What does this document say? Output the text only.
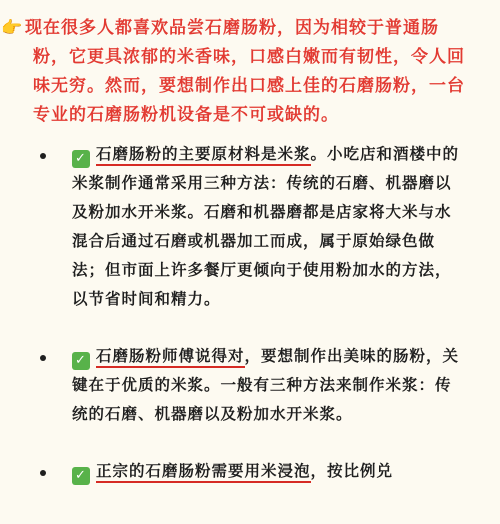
👉 现在很多人都喜欢品尝石磨肠粉，因为相较于普通肠粉，它更具浓郁的米香味，口感白嫩而有韧性，令人回味无穷。然而，要想制作出口感上佳的石磨肠粉，一台专业的石磨肠粉机设备是不可或缺的。
✓ 石磨肠粉的主要原材料是米浆。小吃店和酒楼中的米浆制作通常采用三种方法：传统的石磨、机器磨以及粉加水开米浆。石磨和机器磨都是店家将大米与水混合后通过石磨或机器加工而成，属于原始绿色做法；但市面上许多餐厅更倾向于使用粉加水的方法，以节省时间和精力。
✓ 石磨肠粉师傅说得对，要想制作出美味的肠粉，关键在于优质的米浆。一般有三种方法来制作米浆：传统的石磨、机器磨以及粉加水开米浆。
✓ 正宗的石磨肠粉需要用米浸泡，按比例兑
